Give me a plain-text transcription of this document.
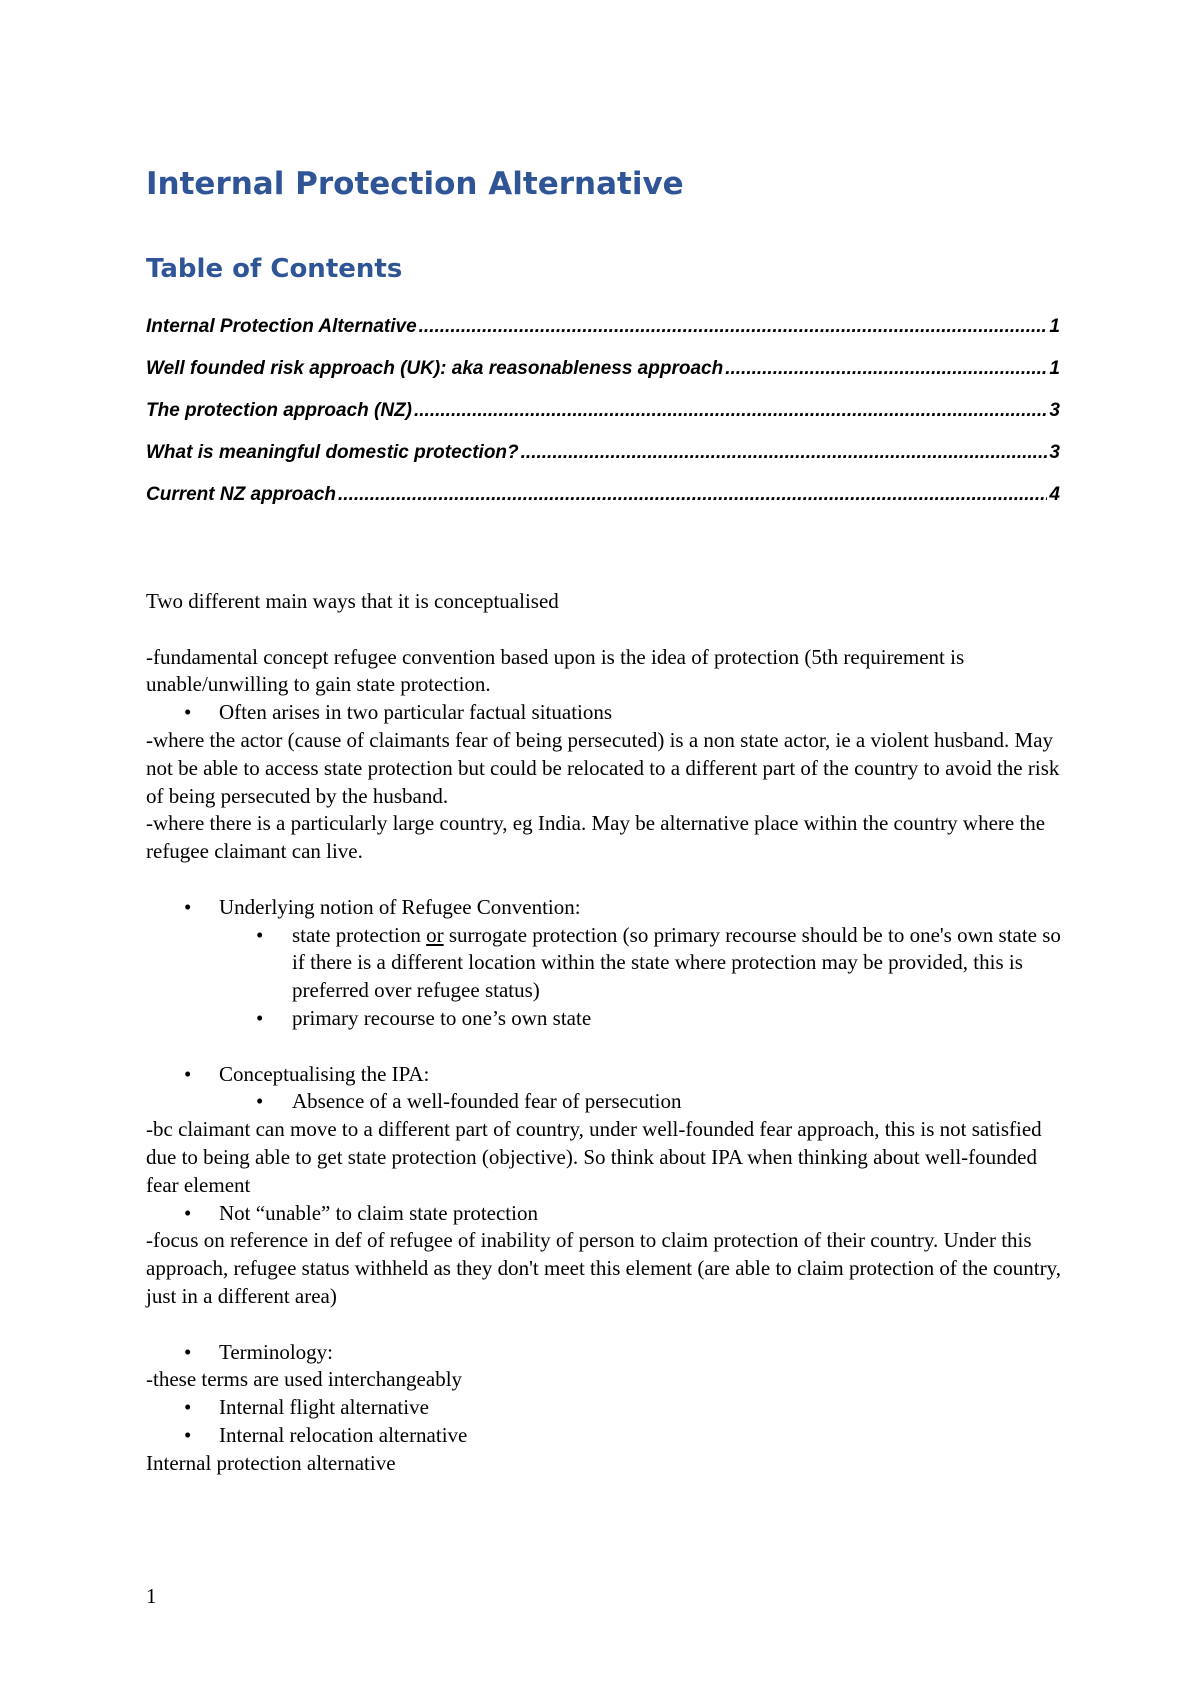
Internal Protection Alternative
Table of Contents
Internal Protection Alternative .....	1
Well founded risk approach (UK): aka reasonableness approach .....	1
The protection approach (NZ) .....	3
What is meaningful domestic protection? .....	3
Current NZ approach .....	4

Two different main ways that it is conceptualised

-fundamental concept refugee convention based upon is the idea of protection (5th requirement is unable/unwilling to gain state protection.

• Often arises in two particular factual situations

-where the actor (cause of claimants fear of being persecuted) is a non state actor, ie a violent husband. May not be able to access state protection but could be relocated to a different part of the country to avoid the risk of being persecuted by the husband.

-where there is a particularly large country, eg India. May be alternative place within the country where the refugee claimant can live.

• Underlying notion of Refugee Convention:

• state protection or surrogate protection (so primary recourse should be to one's own state so if there is a different location within the state where protection may be provided, this is preferred over refugee status)

• primary recourse to one’s own state

• Conceptualising the IPA:

• Absence of a well-founded fear of persecution

-bc claimant can move to a different part of country, under well-founded fear approach, this is not satisfied due to being able to get state protection (objective). So think about IPA when thinking about well-founded fear element

• Not “unable” to claim state protection

-focus on reference in def of refugee of inability of person to claim protection of their country. Under this approach, refugee status withheld as they don't meet this element (are able to claim protection of the country, just in a different area)

• Terminology:

-these terms are used interchangeably

• Internal flight alternative

• Internal relocation alternative

Internal protection alternative

1
